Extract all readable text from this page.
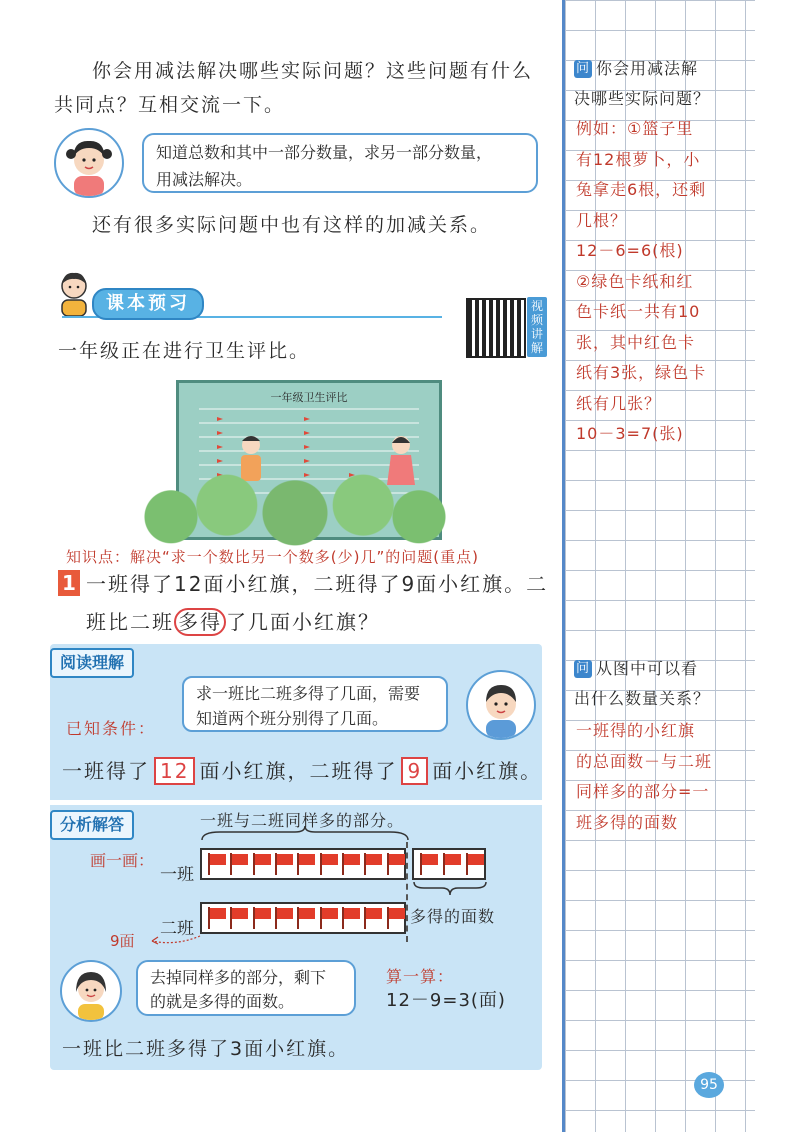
你会用减法解决哪些实际问题？这些问题有什么
共同点？互相交流一下。
知道总数和其中一部分数量，求另一部分数量，
用减法解决。
还有很多实际问题中也有这样的加减关系。
课本预习	视频讲解
一年级正在进行卫生评比。
一年级卫生评比
知识点：解决“求一个数比另一个数多(少)几”的问题(重点)
1 一班得了12面小红旗，二班得了9面小红旗。二
班比二班 多得 了几面小红旗？
阅读理解
求一班比二班多得了几面，需要
知道两个班分别得了几面。
已知条件：
一班得了 12 面小红旗，二班得了 9 面小红旗。
分析解答	一班与二班同样多的部分。
画一画：
一班
二班
多得的面数
9面
去掉同样多的部分，剩下
的就是多得的面数。
算一算：
12－9=3(面)
一班比二班多得了3面小红旗。
问 你会用减法解
决哪些实际问题？
例如：①篮子里
有12根萝卜，小
兔拿走6根，还剩
几根？
12－6=6(根)
②绿色卡纸和红
色卡纸一共有10
张，其中红色卡
纸有3张，绿色卡
纸有几张？
10－3=7(张)
问 从图中可以看
出什么数量关系？
一班得的小红旗
的总面数－与二班
同样多的部分=一
班多得的面数
95
